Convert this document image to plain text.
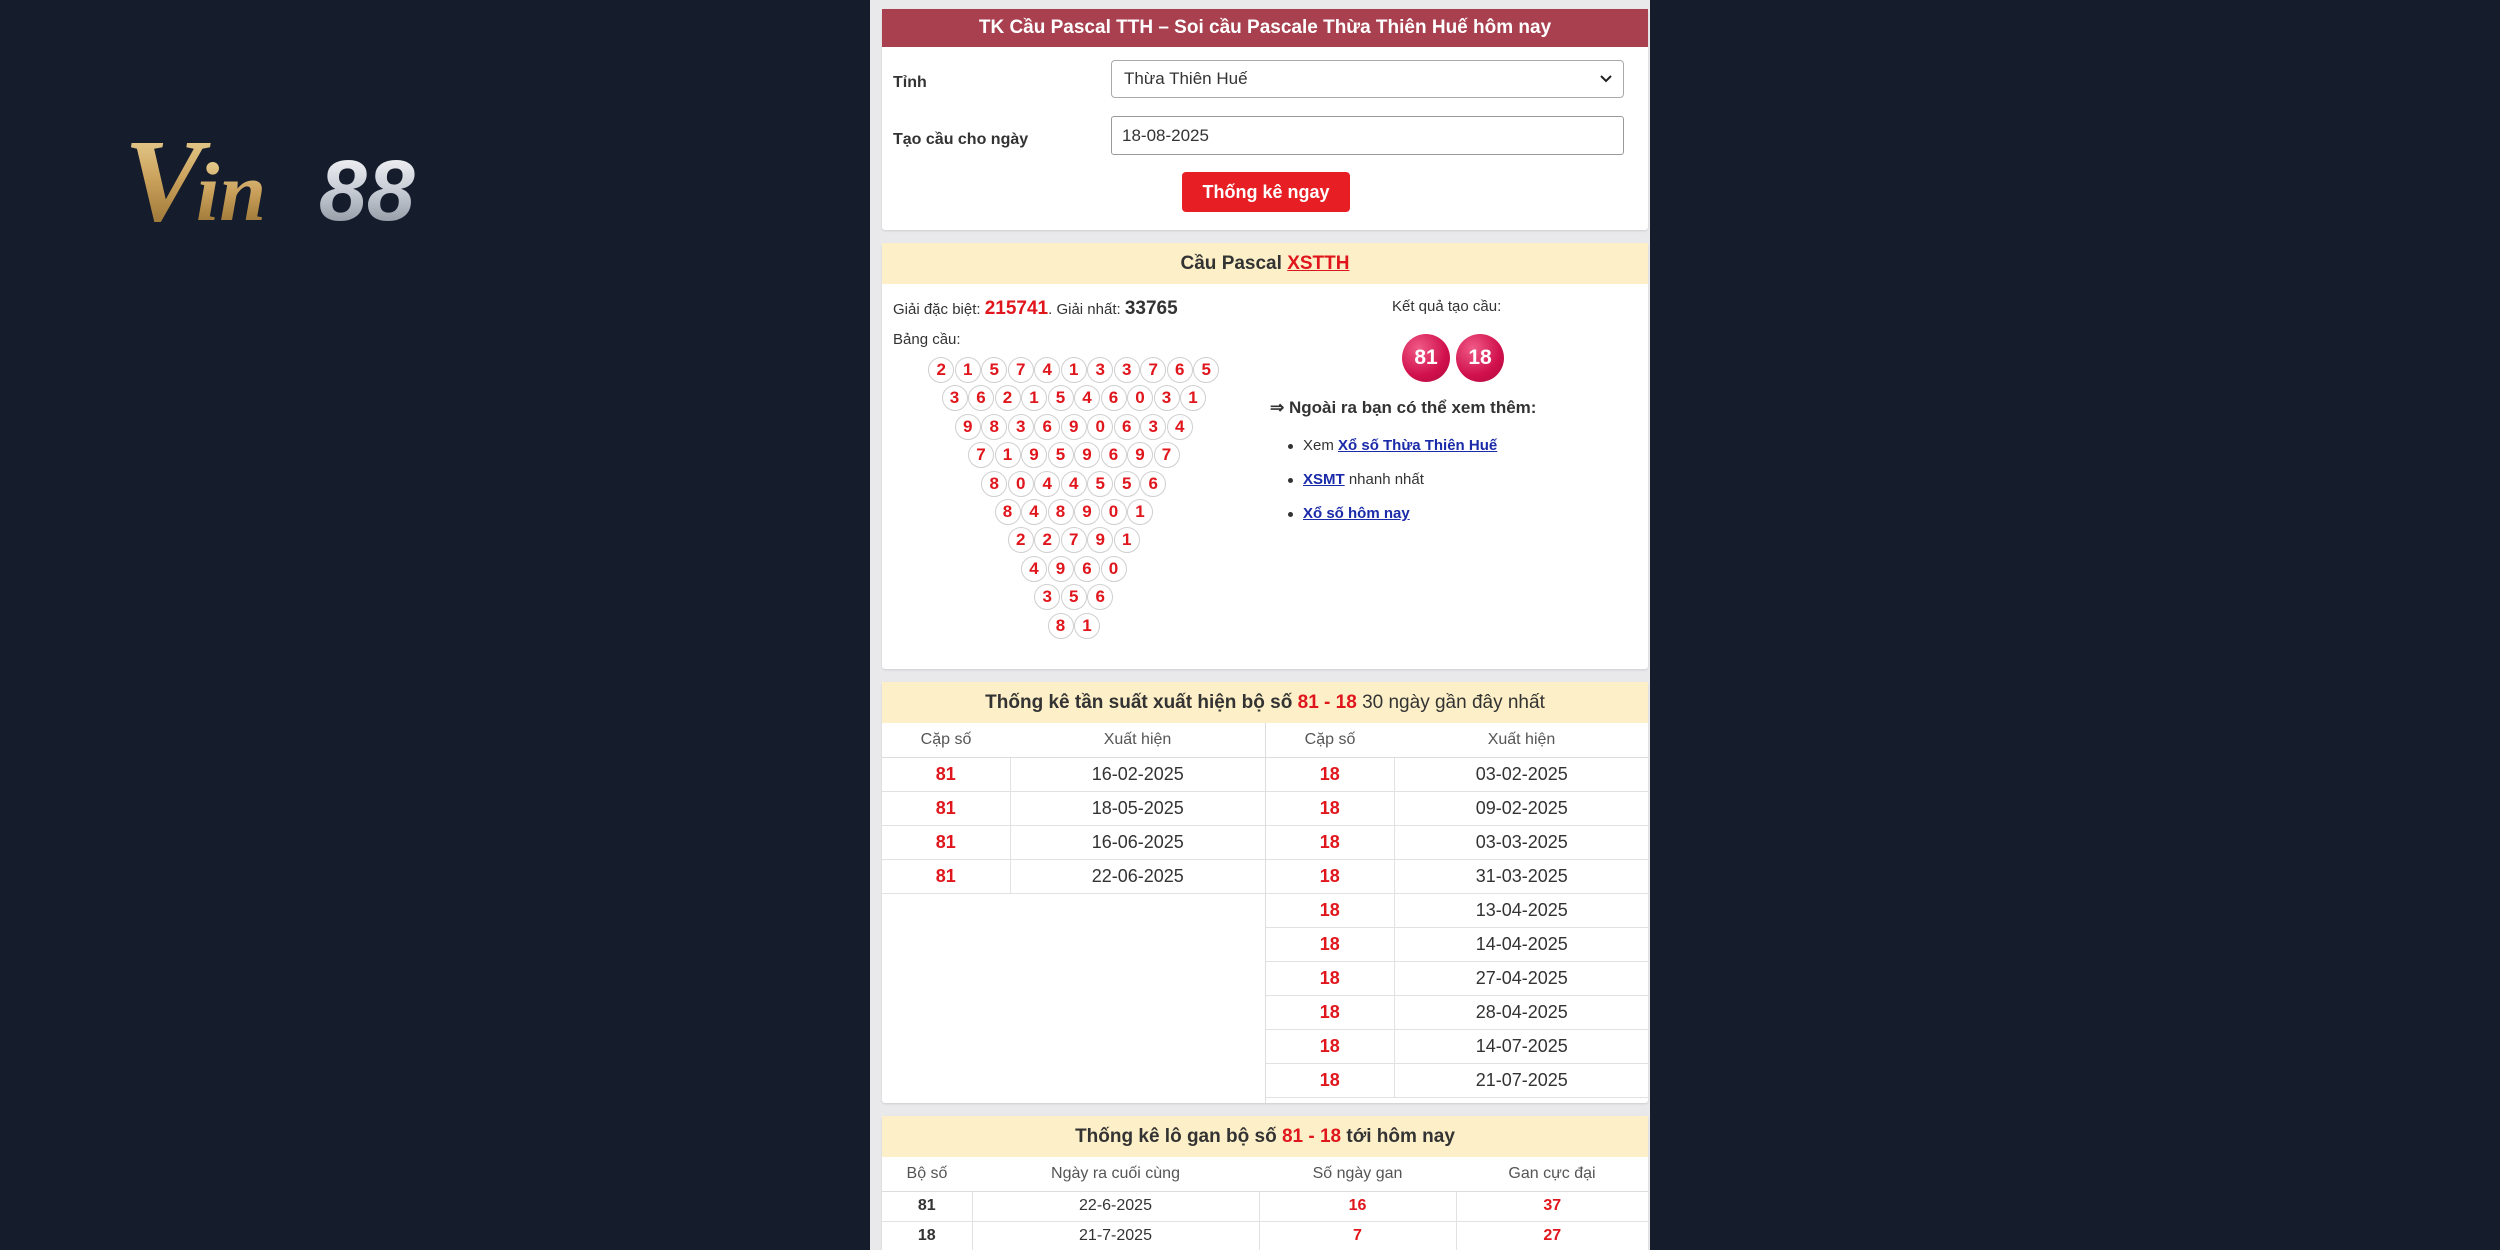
V
in 88
TK Cầu Pascal TTH – Soi cầu Pascale Thừa Thiên Huế hôm nay
Tỉnh	Thừa Thiên Huế
Tạo cầu cho ngày	18-08-2025
Thống kê ngay
Cầu Pascal XSTTH
Giải đặc biệt: 215741. Giải nhất: 33765
Bảng cầu:
2	1	5	7	4	1	3	3	7	6	5
3	6	2	1	5	4	6	0	3	1
9	8	3	6	9	0	6	3	4
7	1	9	5	9	6	9	7
8	0	4	4	5	5	6
8	4	8	9	0	1
2	2	7	9	1
4	9	6	0
3	5	6
8	1
Kết quả tạo cầu:
81	18
⇒ Ngoài ra bạn có thể xem thêm:
Xem Xổ số Thừa Thiên Huế
XSMT nhanh nhất
Xổ số hôm nay
Thống kê tần suất xuất hiện bộ số 81 - 18 30 ngày gần đây nhất
Cặp số	Xuất hiện
81	16-02-2025
81	18-05-2025
81	16-06-2025
81	22-06-2025
Cặp số	Xuất hiện
18	03-02-2025
18	09-02-2025
18	03-03-2025
18	31-03-2025
18	13-04-2025
18	14-04-2025
18	27-04-2025
18	28-04-2025
18	14-07-2025
18	21-07-2025
Thống kê lô gan bộ số 81 - 18 tới hôm nay
Bộ số	Ngày ra cuối cùng	Số ngày gan	Gan cực đại
81	22-6-2025	16	37
18	21-7-2025	7	27
